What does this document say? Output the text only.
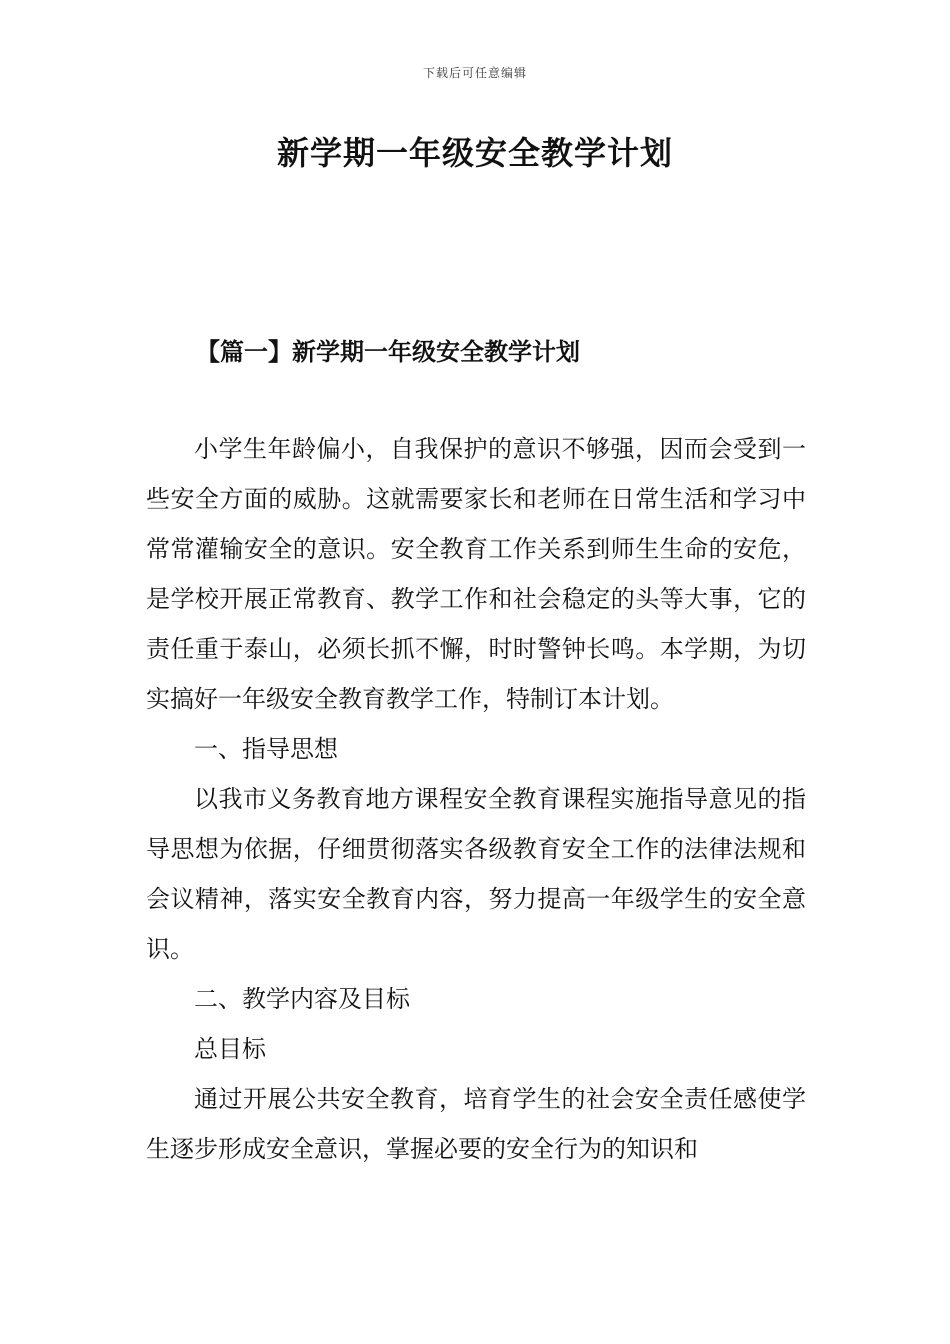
下载后可任意编辑
新学期一年级安全教学计划
【篇一】新学期一年级安全教学计划

小学生年龄偏小，自我保护的意识不够强，因而会受到一些安全方面的威胁。这就需要家长和老师在日常生活和学习中常常灌输安全的意识。安全教育工作关系到师生生命的安危，是学校开展正常教育、教学工作和社会稳定的头等大事，它的责任重于泰山，必须长抓不懈，时时警钟长鸣。本学期，为切实搞好一年级安全教育教学工作，特制订本计划。

一、指导思想

以我市义务教育地方课程安全教育课程实施指导意见的指导思想为依据，仔细贯彻落实各级教育安全工作的法律法规和会议精神，落实安全教育内容，努力提高一年级学生的安全意识。

二、教学内容及目标

总目标

通过开展公共安全教育，培育学生的社会安全责任感使学生逐步形成安全意识，掌握必要的安全行为的知识和
